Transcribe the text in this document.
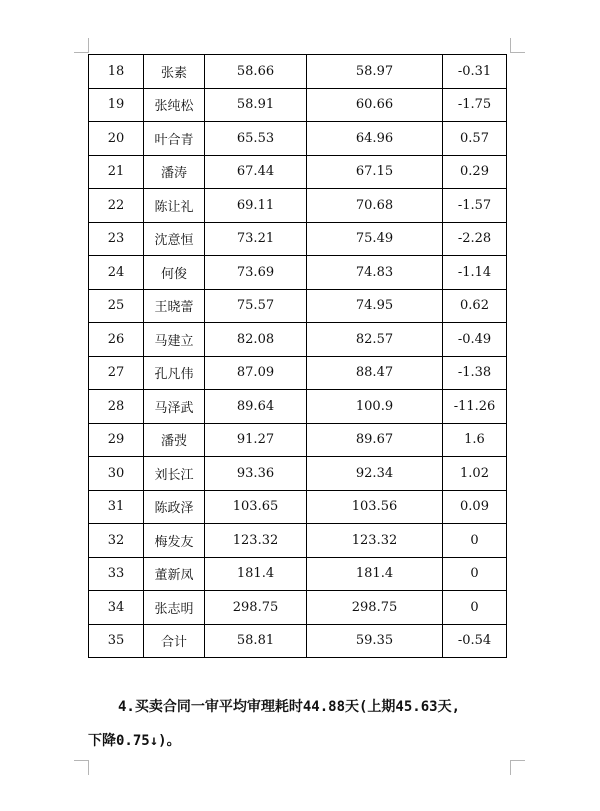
18	张素	58.66	58.97	-0.31
19	张纯松	58.91	60.66	-1.75
20	叶合青	65.53	64.96	0.57
21	潘涛	67.44	67.15	0.29
22	陈让礼	69.11	70.68	-1.57
23	沈意恒	73.21	75.49	-2.28
24	何俊	73.69	74.83	-1.14
25	王晓蕾	75.57	74.95	0.62
26	马建立	82.08	82.57	-0.49
27	孔凡伟	87.09	88.47	-1.38
28	马泽武	89.64	100.9	-11.26
29	潘弢	91.27	89.67	1.6
30	刘长江	93.36	92.34	1.02
31	陈政泽	103.65	103.56	0.09
32	梅发友	123.32	123.32	0
33	董新凤	181.4	181.4	0
34	张志明	298.75	298.75	0
35	合计	58.81	59.35	-0.54
4.买卖合同一审平均审理耗时44.88天(上期45.63天,
下降0.75↓)。
